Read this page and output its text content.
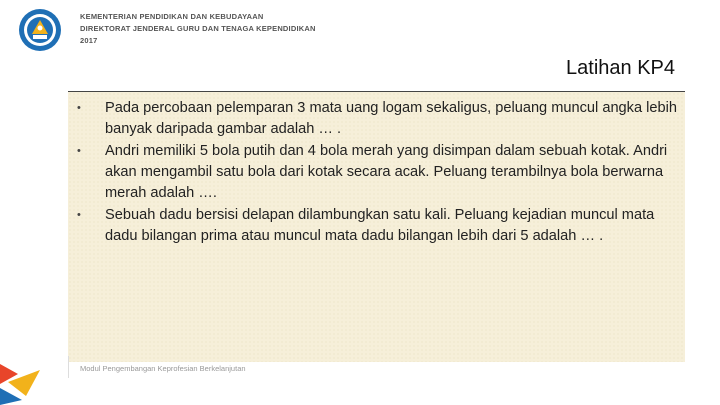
KEMENTERIAN PENDIDIKAN DAN KEBUDAYAAN
DIREKTORAT JENDERAL GURU DAN TENAGA KEPENDIDIKAN
2017
Latihan KP4
• Pada percobaan pelemparan 3 mata uang logam sekaligus, peluang muncul angka lebih banyak daripada gambar adalah … .
• Andri memiliki 5 bola putih dan 4 bola merah yang disimpan dalam sebuah kotak. Andri akan mengambil satu bola dari kotak secara acak. Peluang terambilnya bola berwarna merah adalah ….
• Sebuah dadu bersisi delapan dilambungkan satu kali. Peluang kejadian muncul mata dadu bilangan prima atau muncul mata dadu bilangan lebih dari 5 adalah … .
Modul Pengembangan Keprofesian Berkelanjutan
